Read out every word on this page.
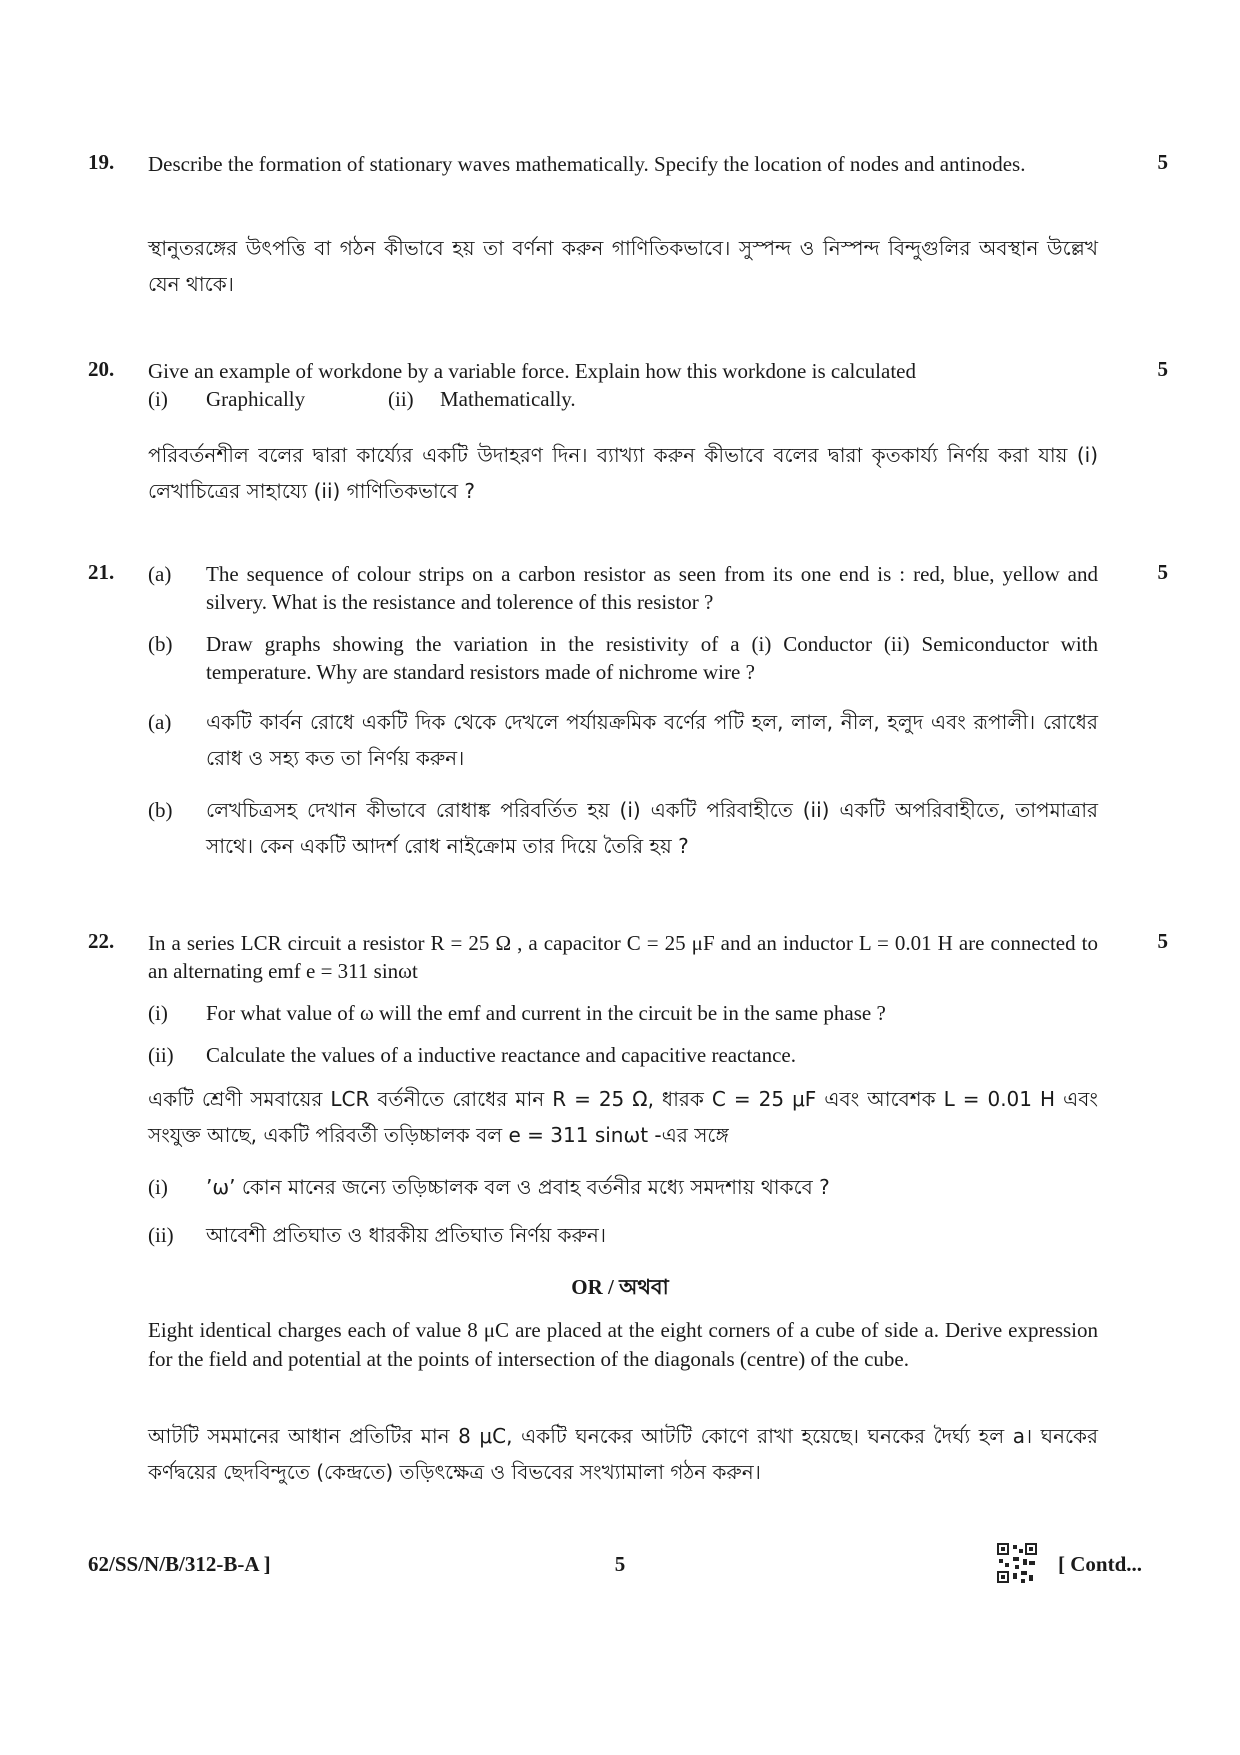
19.	5
Describe the formation of stationary waves mathematically. Specify the location of nodes and antinodes.
স্থানুতরঙ্গের উৎপত্তি বা গঠন কীভাবে হয় তা বর্ণনা করুন গাণিতিকভাবে। সুস্পন্দ ও নিস্পন্দ বিন্দুগুলির অবস্থান উল্লেখ যেন থাকে।
20.	5
Give an example of workdone by a variable force. Explain how this workdone is calculated
(i) Graphically	(ii) Mathematically.
পরিবর্তনশীল বলের দ্বারা কার্য্যের একটি উদাহরণ দিন। ব্যাখ্যা করুন কীভাবে বলের দ্বারা কৃতকার্য্য নির্ণয় করা যায় (i) লেখাচিত্রের সাহায্যে (ii) গাণিতিকভাবে ?
21.	5
(a) The sequence of colour strips on a carbon resistor as seen from its one end is : red, blue, yellow and silvery. What is the resistance and tolerence of this resistor ?
(b) Draw graphs showing the variation in the resistivity of a (i) Conductor (ii) Semiconductor with temperature. Why are standard resistors made of nichrome wire ?
(a) একটি কার্বন রোধে একটি দিক থেকে দেখলে পর্যায়ক্রমিক বর্ণের পটি হল, লাল, নীল, হলুদ এবং রূপালী। রোধের রোধ ও সহ্য কত তা নির্ণয় করুন।
(b) লেখচিত্রসহ দেখান কীভাবে রোধাঙ্ক পরিবর্তিত হয় (i) একটি পরিবাহীতে (ii) একটি অপরিবাহীতে, তাপমাত্রার সাথে। কেন একটি আদর্শ রোধ নাইক্রোম তার দিয়ে তৈরি হয় ?
22.	5
In a series LCR circuit a resistor R = 25 Ω , a capacitor C = 25 μF and an inductor L = 0.01 H are connected to an alternating emf e = 311 sinωt
(i) For what value of ω will the emf and current in the circuit be in the same phase ?
(ii) Calculate the values of a inductive reactance and capacitive reactance.
একটি শ্রেণী সমবায়ের LCR বর্তনীতে রোধের মান R = 25 Ω, ধারক C = 25 μF এবং আবেশক L = 0.01 H এবং সংযুক্ত আছে, একটি পরিবর্তী তড়িচ্চালক বল e = 311 sinωt -এর সঙ্গে
(i) ’ω’ কোন মানের জন্যে তড়িচ্চালক বল ও প্রবাহ বর্তনীর মধ্যে সমদশায় থাকবে ?
(ii) আবেশী প্রতিঘাত ও ধারকীয় প্রতিঘাত নির্ণয় করুন।
OR / অথবা
Eight identical charges each of value 8 μC are placed at the eight corners of a cube of side a. Derive expression for the field and potential at the points of intersection of the diagonals (centre) of the cube.
আটটি সমমানের আধান প্রতিটির মান 8 μC, একটি ঘনকের আটটি কোণে রাখা হয়েছে। ঘনকের দৈর্ঘ্য হল a। ঘনকের কর্ণদ্বয়ের ছেদবিন্দুতে (কেন্দ্রতে) তড়িৎক্ষেত্র ও বিভবের সংখ্যামালা গঠন করুন।
62/SS/N/B/312-B-A ]	5	[ Contd...
